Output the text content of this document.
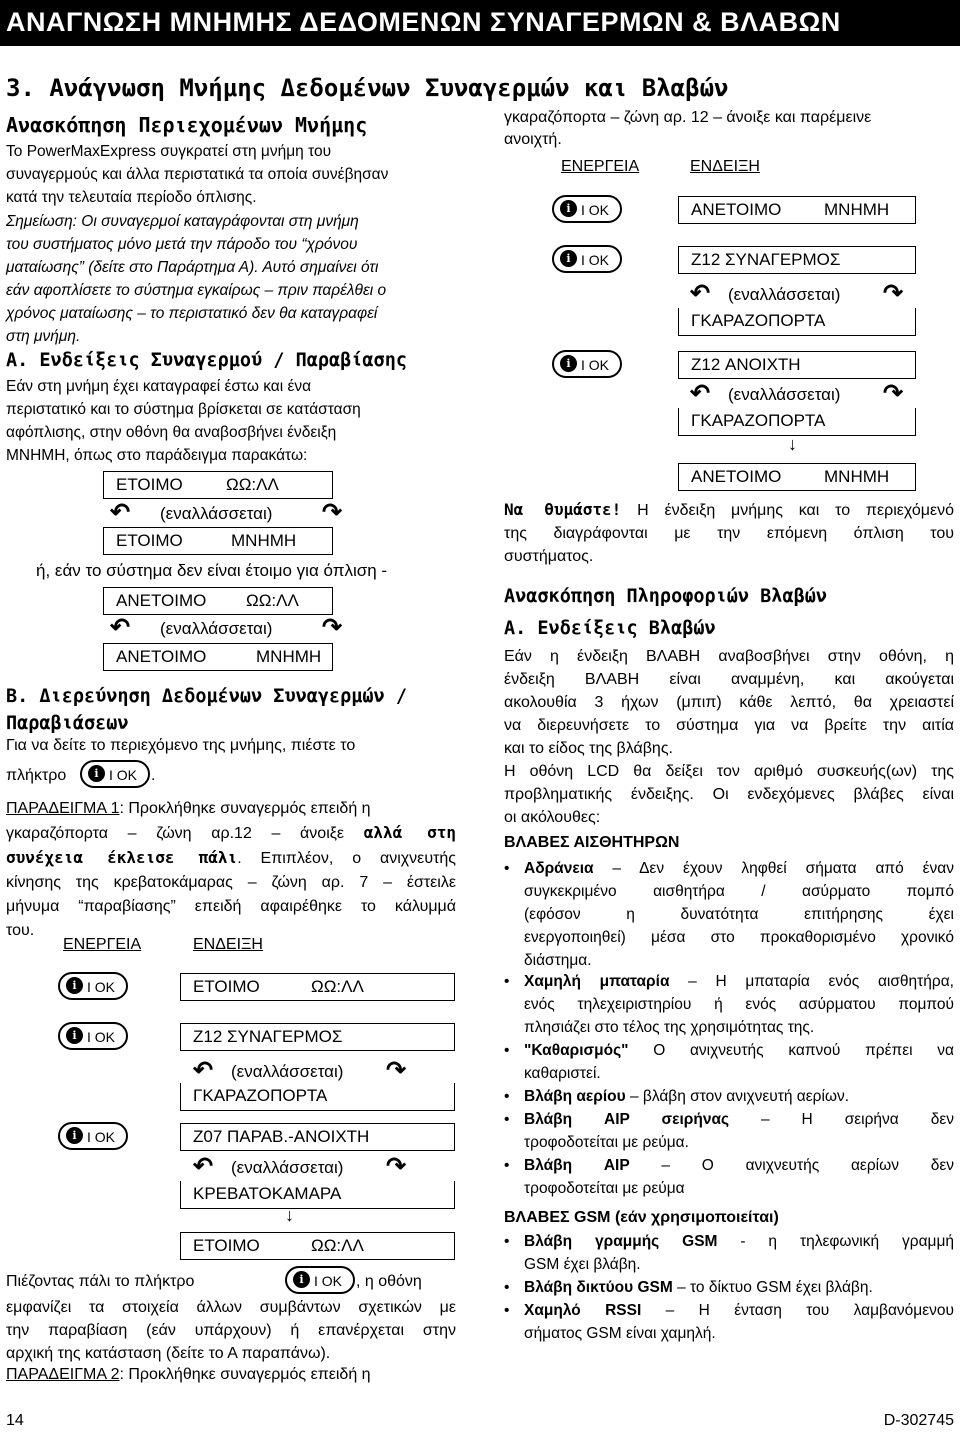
ΑΝΑΓΝΩΣΗ ΜΝΗΜΗΣ ΔΕΔΟΜΕΝΩΝ ΣΥΝΑΓΕΡΜΩΝ & ΒΛΑΒΩΝ
3. Ανάγνωση Μνήμης Δεδομένων Συναγερμών και Βλαβών
Ανασκόπηση Περιεχομένων Μνήμης
Το PowerMaxExpress συγκρατεί στη μνήμη του
συναγερμούς και άλλα περιστατικά τα οποία συνέβησαν
κατά την τελευταία περίοδο όπλισης.
Σημείωση: Οι συναγερμοί καταγράφονται στη μνήμη
του συστήματος μόνο μετά την πάροδο του “χρόνου
ματαίωσης” (δείτε στο Παράρτημα Α). Αυτό σημαίνει ότι
εάν αφοπλίσετε το σύστημα εγκαίρως – πριν παρέλθει ο
χρόνος ματαίωσης – το περιστατικό δεν θα καταγραφεί
στη μνήμη.
Α. Ενδείξεις Συναγερμού / Παραβίασης
Εάν στη μνήμη έχει καταγραφεί έστω και ένα
περιστατικό και το σύστημα βρίσκεται σε κατάσταση
αφόπλισης, στην οθόνη θα αναβοσβήνει ένδειξη
ΜΝΗΜΗ, όπως στο παράδειγμα παρακάτω:
ΕΤΟΙΜΟ	ΩΩ:ΛΛ
↶ (εναλλάσσεται) ↷
ΕΤΟΙΜΟ	ΜΝΗΜΗ
ή, εάν το σύστημα δεν είναι έτοιμο για όπλιση -
ΑΝΕΤΟΙΜΟ ΩΩ:ΛΛ
↶ (εναλλάσσεται) ↷
ΑΝΕΤΟΙΜΟ	ΜΝΗΜΗ
Β. Διερεύνηση Δεδομένων Συναγερμών /
Παραβιάσεων
Για να δείτε το περιεχόμενο της μνήμης, πιέστε το
πλήκτρο	i I OK .
ΠΑΡΑΔΕΙΓΜΑ 1: Προκλήθηκε συναγερμός επειδή η
γκαραζόπορτα – ζώνη αρ.12 – άνοιξε αλλά στη
συνέχεια έκλεισε πάλι. Επιπλέον, ο ανιχνευτής
κίνησης της κρεβατοκάμαρας – ζώνη αρ. 7 – έστειλε
μήνυμα “παραβίασης” επειδή αφαιρέθηκε το κάλυμμά
του.
ΕΝΕΡΓΕΙΑ	ΕΝΔΕΙΞΗ
i I OK	ΕΤΟΙΜΟ	ΩΩ:ΛΛ
i I OK	Z12 ΣΥΝΑΓΕΡΜΟΣ
↶ (εναλλάσσεται) ↷
ΓΚΑΡΑΖΟΠΟΡΤΑ
i I OK	Z07 ΠΑΡΑΒ.-ΑΝΟΙΧΤΗ
↶ (εναλλάσσεται) ↷
ΚΡΕΒΑΤΟΚΑΜΑΡΑ
↓
ΕΤΟΙΜΟ	ΩΩ:ΛΛ
Πιέζοντας πάλι το πλήκτρο	i I OK , η οθόνη
εμφανίζει τα στοιχεία άλλων συμβάντων σχετικών με
την παραβίαση (εάν υπάρχουν) ή επανέρχεται στην
αρχική της κατάσταση (δείτε το Α παραπάνω).
ΠΑΡΑΔΕΙΓΜΑ 2: Προκλήθηκε συναγερμός επειδή η
γκαραζόπορτα – ζώνη αρ. 12 – άνοιξε και παρέμεινε
ανοιχτή.
ΕΝΕΡΓΕΙΑ	ΕΝΔΕΙΞΗ
i I OK	ΑΝΕΤΟΙΜΟ	ΜΝΗΜΗ
i I OK	Z12 ΣΥΝΑΓΕΡΜΟΣ
↶ (εναλλάσσεται) ↷
ΓΚΑΡΑΖΟΠΟΡΤΑ
i I OK	Z12 ΑΝΟΙΧΤΗ
↶ (εναλλάσσεται) ↷
ΓΚΑΡΑΖΟΠΟΡΤΑ
↓
ΑΝΕΤΟΙΜΟ	ΜΝΗΜΗ
Να θυμάστε! Η ένδειξη μνήμης και το περιεχόμενό
της διαγράφονται με την επόμενη όπλιση του
συστήματος.
Ανασκόπηση Πληροφοριών Βλαβών
Α. Ενδείξεις Βλαβών
Εάν η ένδειξη ΒΛΑΒΗ αναβοσβήνει στην οθόνη, η
ένδειξη ΒΛΑΒΗ είναι αναμμένη, και ακούγεται
ακολουθία 3 ήχων (μπιπ) κάθε λεπτό, θα χρειαστεί
να διερευνήσετε το σύστημα για να βρείτε την αιτία
και το είδος της βλάβης.
Η οθόνη LCD θα δείξει τον αριθμό συσκευής(ων) της
προβληματικής ένδειξης. Οι ενδεχόμενες βλάβες είναι
οι ακόλουθες:
ΒΛΑΒΕΣ ΑΙΣΘΗΤΗΡΩΝ
• Αδράνεια – Δεν έχουν ληφθεί σήματα από έναν
συγκεκριμένο αισθητήρα / ασύρματο πομπό
(εφόσον η δυνατότητα επιτήρησης έχει
ενεργοποιηθεί) μέσα στο προκαθορισμένο χρονικό
διάστημα.
• Χαμηλή μπαταρία – Η μπαταρία ενός αισθητήρα,
ενός τηλεχειριστηρίου ή ενός ασύρματου πομπού
πλησιάζει στο τέλος της χρησιμότητας της.
• "Καθαρισμός" Ο ανιχνευτής καπνού πρέπει να
καθαριστεί.
• Βλάβη αερίου – βλάβη στον ανιχνευτή αερίων.
• Βλάβη AIP σειρήνας – Η σειρήνα δεν
τροφοδοτείται με ρεύμα.
• Βλάβη AIP – Ο ανιχνευτής αερίων δεν
τροφοδοτείται με ρεύμα
ΒΛΑΒΕΣ GSM (εάν χρησιμοποιείται)
• Βλάβη γραμμής GSM - η τηλεφωνική γραμμή
GSM έχει βλάβη.
• Βλάβη δικτύου GSM – το δίκτυο GSM έχει βλάβη.
• Χαμηλό RSSI – Η ένταση του λαμβανόμενου
σήματος GSM είναι χαμηλή.
14	D-302745
